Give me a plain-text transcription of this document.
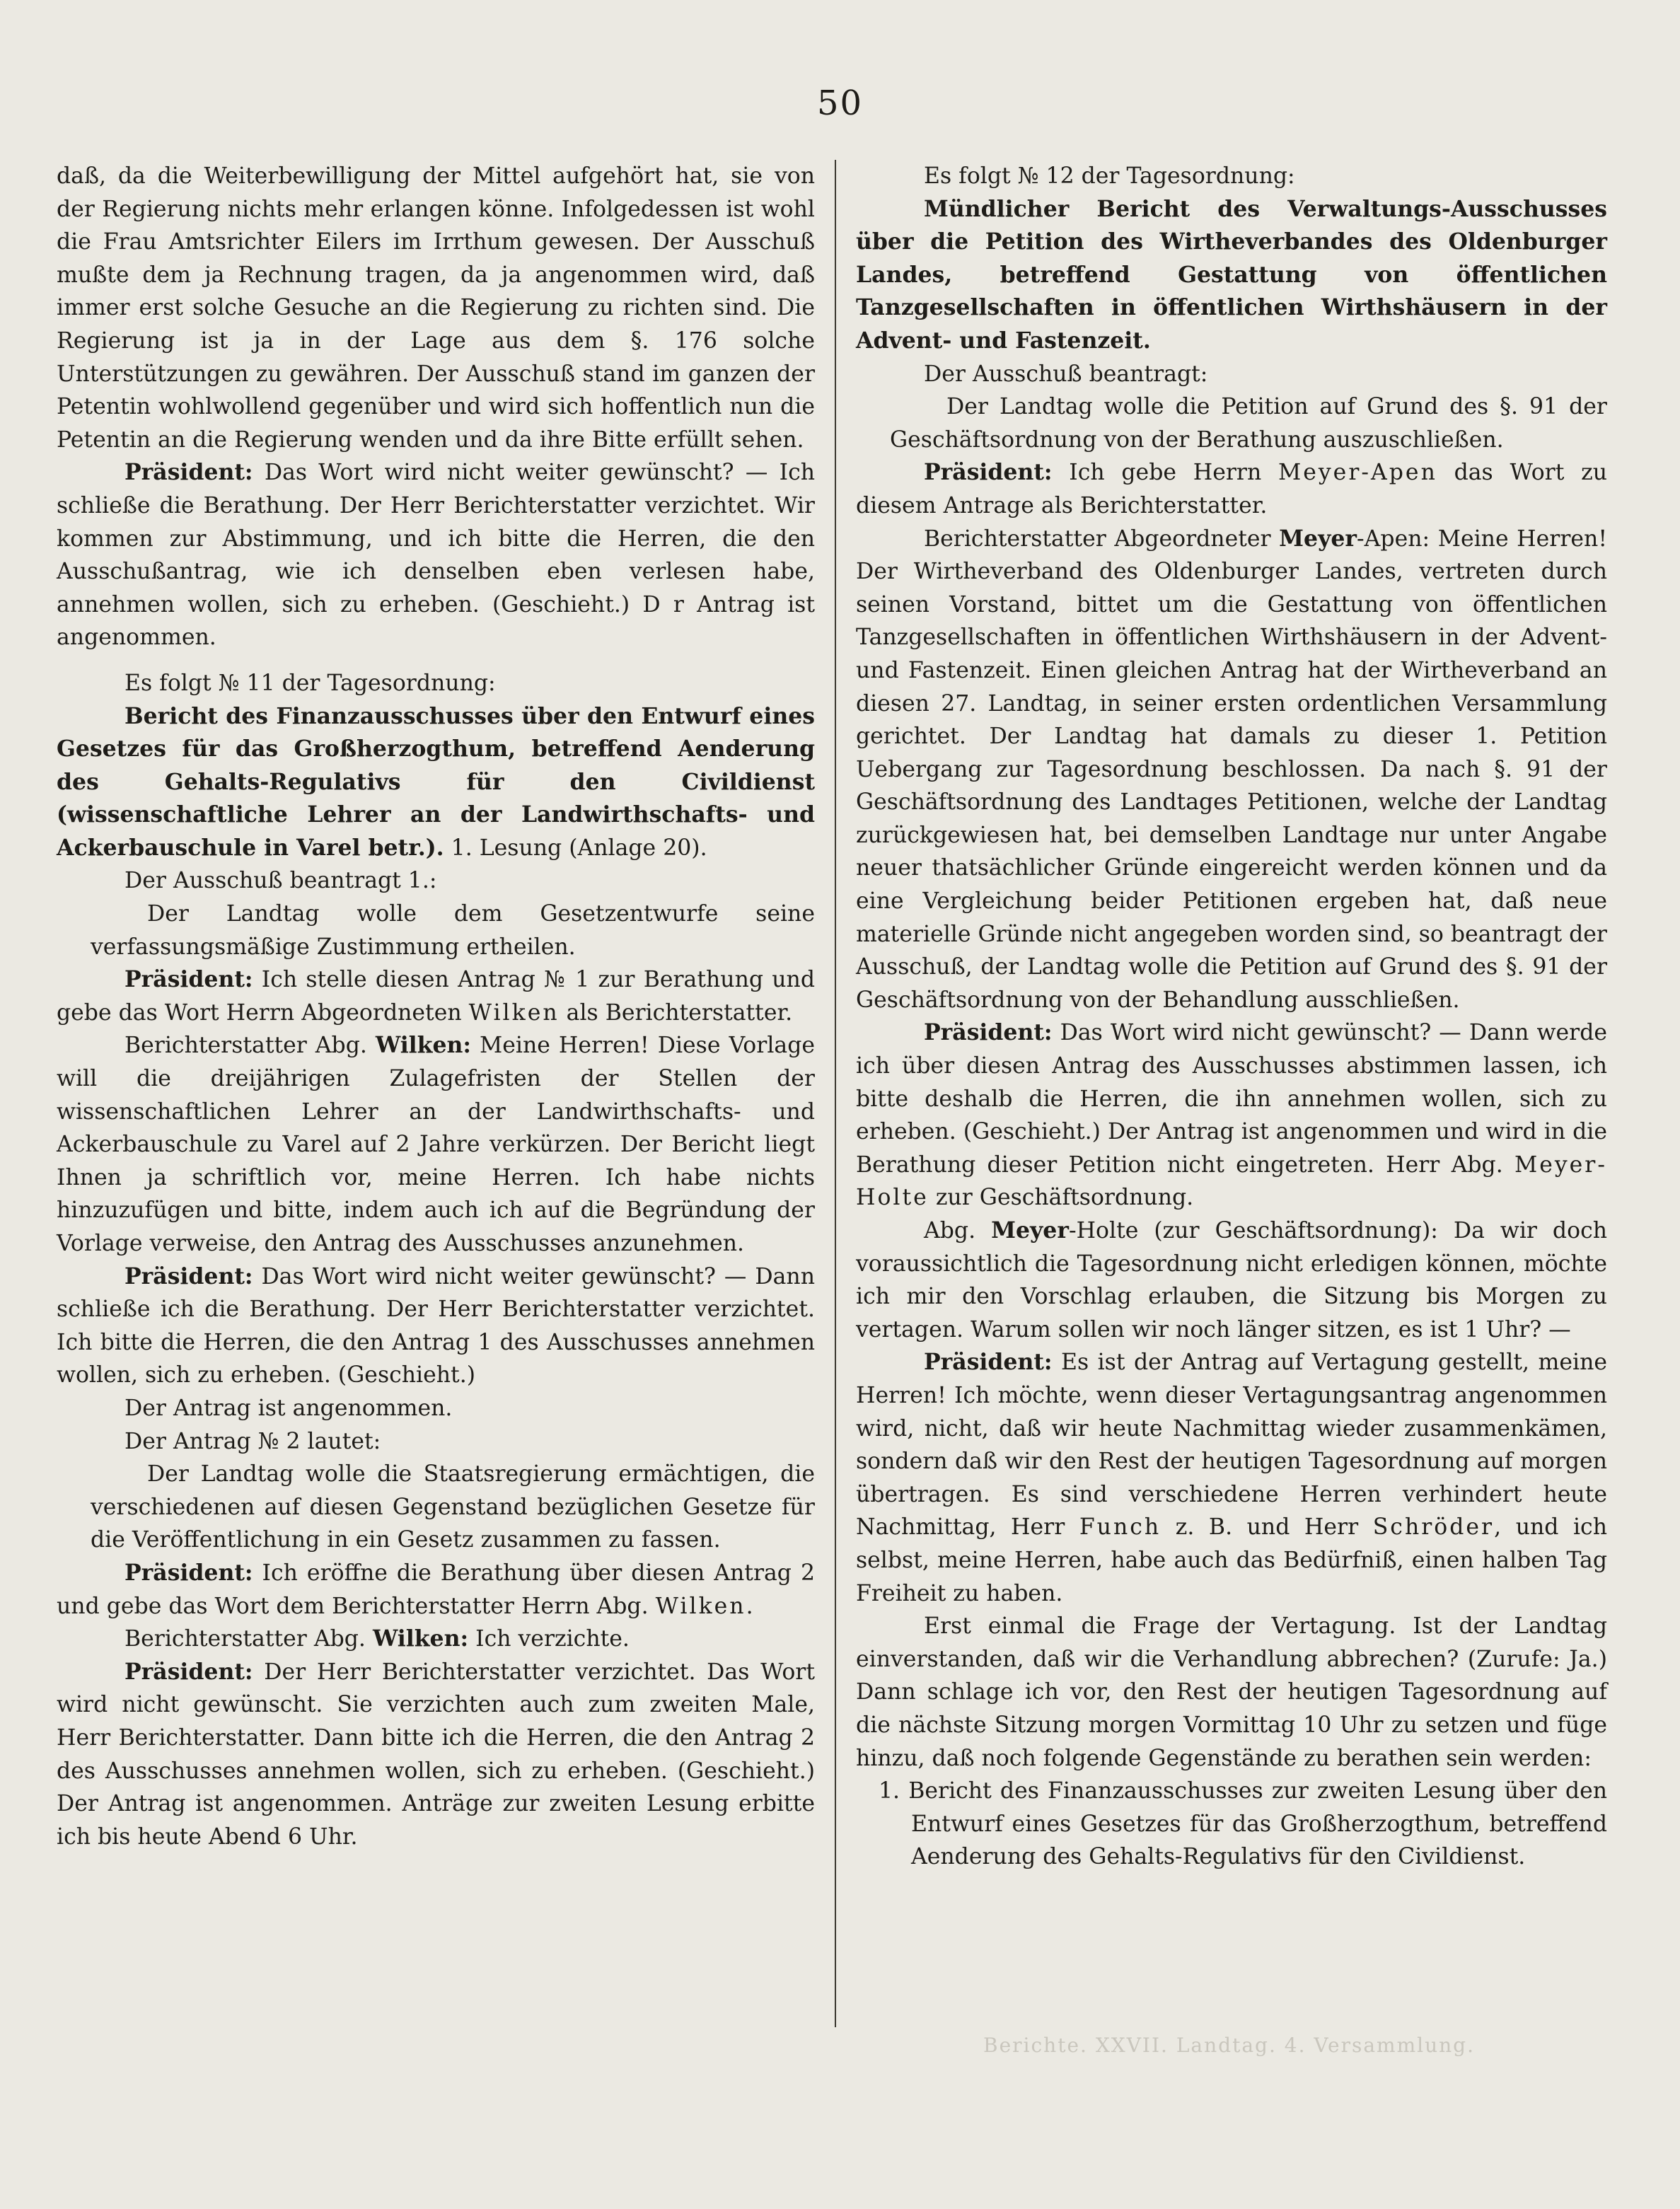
50

daß, da die Weiterbewilligung der Mittel aufgehört hat, sie von der Regierung nichts mehr erlangen könne. Infolgedessen ist wohl die Frau Amtsrichter Eilers im Irrthum gewesen. Der Ausschuß mußte dem ja Rechnung tragen, da ja angenommen wird, daß immer erst solche Gesuche an die Regierung zu richten sind. Die Regierung ist ja in der Lage aus dem §. 176 solche Unterstützungen zu gewähren. Der Ausschuß stand im ganzen der Petentin wohlwollend gegenüber und wird sich hoffentlich nun die Petentin an die Regierung wenden und da ihre Bitte erfüllt sehen.

Präsident: Das Wort wird nicht weiter gewünscht? — Ich schließe die Berathung. Der Herr Berichterstatter verzichtet. Wir kommen zur Abstimmung, und ich bitte die Herren, die den Ausschußantrag, wie ich denselben eben verlesen habe, annehmen wollen, sich zu erheben. (Geschieht.) D r Antrag ist angenommen.

Es folgt № 11 der Tagesordnung:

Bericht des Finanzausschusses über den Entwurf eines Gesetzes für das Großherzogthum, betreffend Aenderung des Gehalts-Regulativs für den Civildienst (wissenschaftliche Lehrer an der Landwirthschafts- und Ackerbauschule in Varel betr.). 1. Lesung (Anlage 20).

Der Ausschuß beantragt 1.:

Der Landtag wolle dem Gesetzentwurfe seine verfassungsmäßige Zustimmung ertheilen.

Präsident: Ich stelle diesen Antrag № 1 zur Berathung und gebe das Wort Herrn Abgeordneten Wilken als Berichterstatter.

Berichterstatter Abg. Wilken: Meine Herren! Diese Vorlage will die dreijährigen Zulagefristen der Stellen der wissenschaftlichen Lehrer an der Landwirthschafts- und Ackerbauschule zu Varel auf 2 Jahre verkürzen. Der Bericht liegt Ihnen ja schriftlich vor, meine Herren. Ich habe nichts hinzuzufügen und bitte, indem auch ich auf die Begründung der Vorlage verweise, den Antrag des Ausschusses anzunehmen.

Präsident: Das Wort wird nicht weiter gewünscht? — Dann schließe ich die Berathung. Der Herr Berichterstatter verzichtet. Ich bitte die Herren, die den Antrag 1 des Ausschusses annehmen wollen, sich zu erheben. (Geschieht.)

Der Antrag ist angenommen.

Der Antrag № 2 lautet:

Der Landtag wolle die Staatsregierung ermächtigen, die verschiedenen auf diesen Gegenstand bezüglichen Gesetze für die Veröffentlichung in ein Gesetz zusammen zu fassen.

Präsident: Ich eröffne die Berathung über diesen Antrag 2 und gebe das Wort dem Berichterstatter Herrn Abg. Wilken.

Berichterstatter Abg. Wilken: Ich verzichte.

Präsident: Der Herr Berichterstatter verzichtet. Das Wort wird nicht gewünscht. Sie verzichten auch zum zweiten Male, Herr Berichterstatter. Dann bitte ich die Herren, die den Antrag 2 des Ausschusses annehmen wollen, sich zu erheben. (Geschieht.) Der Antrag ist angenommen. Anträge zur zweiten Lesung erbitte ich bis heute Abend 6 Uhr.

Es folgt № 12 der Tagesordnung:

Mündlicher Bericht des Verwaltungs-Ausschusses über die Petition des Wirtheverbandes des Oldenburger Landes, betreffend Gestattung von öffentlichen Tanzgesellschaften in öffentlichen Wirthshäusern in der Advent- und Fastenzeit.

Der Ausschuß beantragt:

Der Landtag wolle die Petition auf Grund des §. 91 der Geschäftsordnung von der Berathung auszuschließen.

Präsident: Ich gebe Herrn Meyer-Apen das Wort zu diesem Antrage als Berichterstatter.

Berichterstatter Abgeordneter Meyer-Apen: Meine Herren! Der Wirtheverband des Oldenburger Landes, vertreten durch seinen Vorstand, bittet um die Gestattung von öffentlichen Tanzgesellschaften in öffentlichen Wirthshäusern in der Advent- und Fastenzeit. Einen gleichen Antrag hat der Wirtheverband an diesen 27. Landtag, in seiner ersten ordentlichen Versammlung gerichtet. Der Landtag hat damals zu dieser 1. Petition Uebergang zur Tagesordnung beschlossen. Da nach §. 91 der Geschäftsordnung des Landtages Petitionen, welche der Landtag zurückgewiesen hat, bei demselben Landtage nur unter Angabe neuer thatsächlicher Gründe eingereicht werden können und da eine Vergleichung beider Petitionen ergeben hat, daß neue materielle Gründe nicht angegeben worden sind, so beantragt der Ausschuß, der Landtag wolle die Petition auf Grund des §. 91 der Geschäftsordnung von der Behandlung ausschließen.

Präsident: Das Wort wird nicht gewünscht? — Dann werde ich über diesen Antrag des Ausschusses abstimmen lassen, ich bitte deshalb die Herren, die ihn annehmen wollen, sich zu erheben. (Geschieht.) Der Antrag ist angenommen und wird in die Berathung dieser Petition nicht eingetreten. Herr Abg. Meyer-Holte zur Geschäftsordnung.

Abg. Meyer-Holte (zur Geschäftsordnung): Da wir doch voraussichtlich die Tagesordnung nicht erledigen können, möchte ich mir den Vorschlag erlauben, die Sitzung bis Morgen zu vertagen. Warum sollen wir noch länger sitzen, es ist 1 Uhr? —

Präsident: Es ist der Antrag auf Vertagung gestellt, meine Herren! Ich möchte, wenn dieser Vertagungsantrag angenommen wird, nicht, daß wir heute Nachmittag wieder zusammenkämen, sondern daß wir den Rest der heutigen Tagesordnung auf morgen übertragen. Es sind verschiedene Herren verhindert heute Nachmittag, Herr Funch z. B. und Herr Schröder, und ich selbst, meine Herren, habe auch das Bedürfniß, einen halben Tag Freiheit zu haben.

Erst einmal die Frage der Vertagung. Ist der Landtag einverstanden, daß wir die Verhandlung abbrechen? (Zurufe: Ja.) Dann schlage ich vor, den Rest der heutigen Tagesordnung auf die nächste Sitzung morgen Vormittag 10 Uhr zu setzen und füge hinzu, daß noch folgende Gegenstände zu berathen sein werden:

1. Bericht des Finanzausschusses zur zweiten Lesung über den Entwurf eines Gesetzes für das Großherzogthum, betreffend Aenderung des Gehalts-Regulativs für den Civildienst.

Berichte. XXVII. Landtag. 4. Versammlung.
